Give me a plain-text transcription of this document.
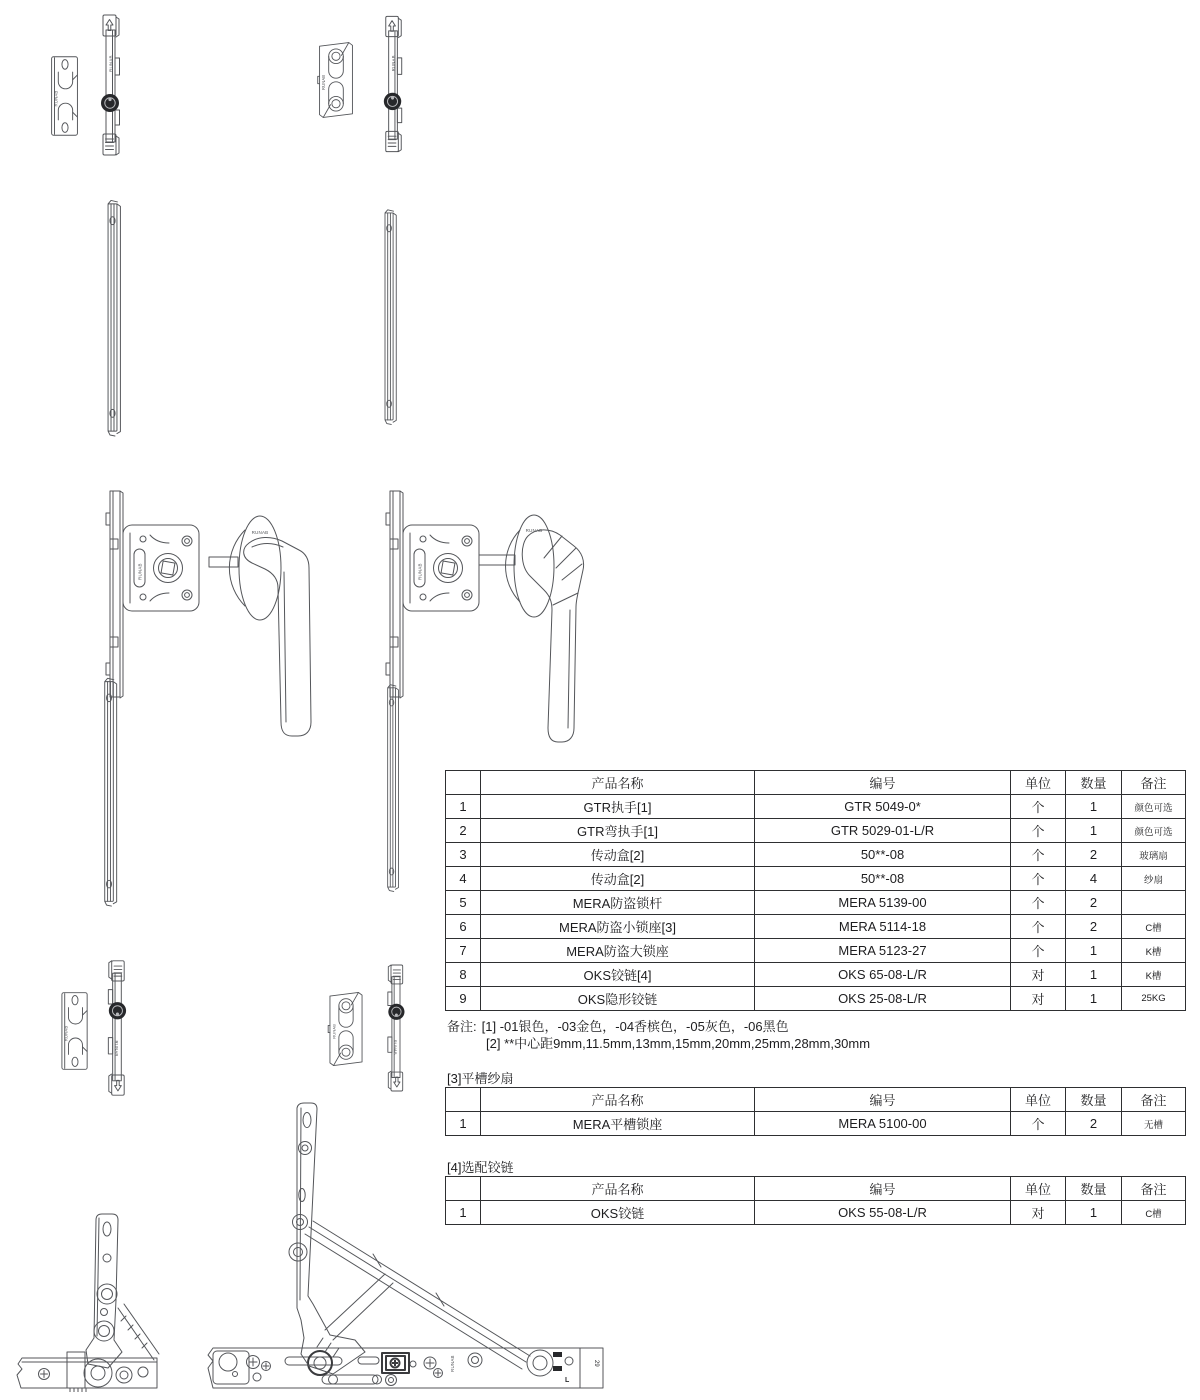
	产品名称	编号	单位	数量	备注
1	GTR执手[1]	GTR 5049-0*	个	1	颜色可选
2	GTR弯执手[1]	GTR 5029-01-L/R	个	1	颜色可选
3	传动盒[2]	50**-08	个	2	玻璃扇
4	传动盒[2]	50**-08	个	4	纱扇
5	MERA防盗锁杆	MERA 5139-00	个	2	
6	MERA防盗小锁座[3]	MERA 5114-18	个	2	C槽
7	MERA防盗大锁座	MERA 5123-27	个	1	K槽
8	OKS铰链[4]	OKS 65-08-L/R	对	1	K槽
9	OKS隐形铰链	OKS 25-08-L/R	对	1	25KG
备注: [1] -01银色，-03金色，-04香槟色，-05灰色，-06黑色
[2] **中心距9mm,11.5mm,13mm,15mm,20mm,25mm,28mm,30mm
[3]平槽纱扇
	产品名称	编号	单位	数量	备注
1	MERA平槽锁座	MERA 5100-00	个	2	无槽
[4]选配铰链
	产品名称	编号	单位	数量	备注
1	OKS铰链	OKS 55-08-L/R	对	1	C槽
